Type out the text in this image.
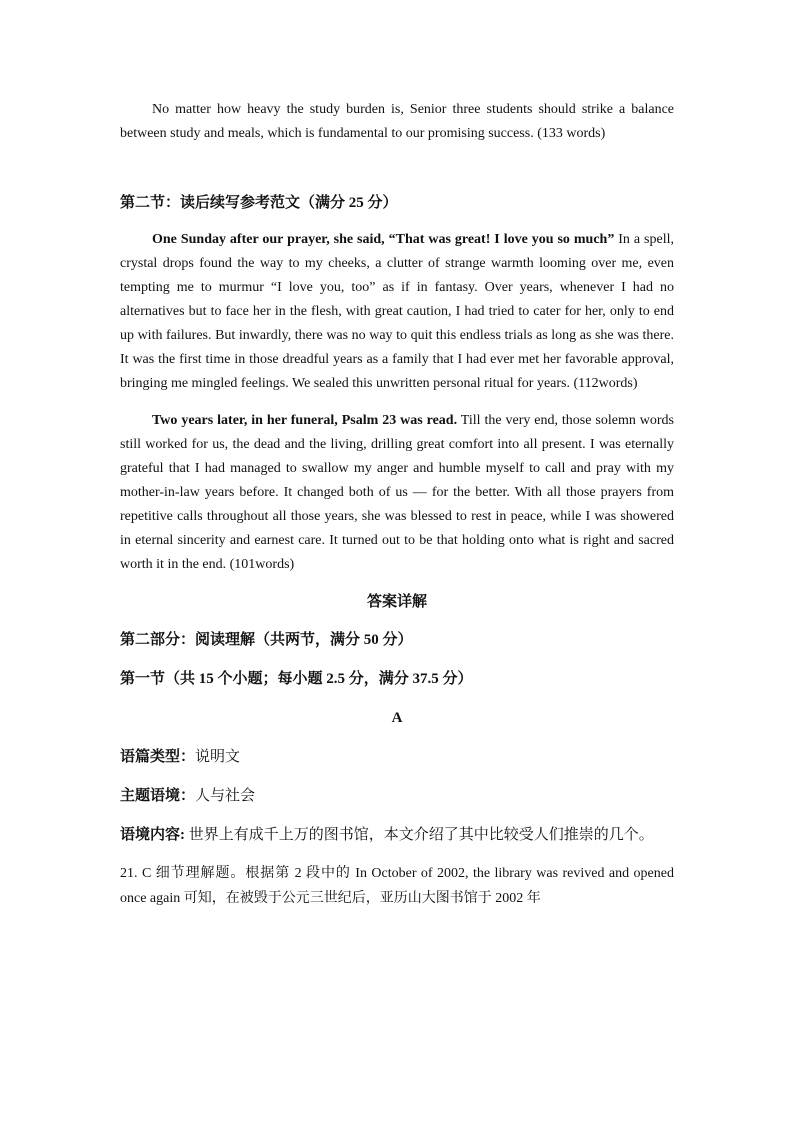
No matter how heavy the study burden is, Senior three students should strike a balance between study and meals, which is fundamental to our promising success. (133 words)

第二节：读后续写参考范文（满分 25 分）

One Sunday after our prayer, she said, “That was great! I love you so much” In a spell, crystal drops found the way to my cheeks, a clutter of strange warmth looming over me, even tempting me to murmur “I love you, too” as if in fantasy. Over years, whenever I had no alternatives but to face her in the flesh, with great caution, I had tried to cater for her, only to end up with failures. But inwardly, there was no way to quit this endless trials as long as she was there. It was the first time in those dreadful years as a family that I had ever met her favorable approval, bringing me mingled feelings. We sealed this unwritten personal ritual for years. (112words)

Two years later, in her funeral, Psalm 23 was read. Till the very end, those solemn words still worked for us, the dead and the living, drilling great comfort into all present. I was eternally grateful that I had managed to swallow my anger and humble myself to call and pray with my mother-in-law years before. It changed both of us — for the better. With all those prayers from repetitive calls throughout all those years, she was blessed to rest in peace, while I was showered in eternal sincerity and earnest care. It turned out to be that holding onto what is right and sacred worth it in the end. (101words)

答案详解

第二部分：阅读理解（共两节，满分 50 分）

第一节（共 15 个小题；每小题 2.5 分，满分 37.5 分）

A

语篇类型：说明文

主题语境：人与社会

语境内容: 世界上有成千上万的图书馆，本文介绍了其中比较受人们推崇的几个。

21. C 细节理解题。根据第 2 段中的 In October of 2002, the library was revived and opened once again 可知，在被毁于公元三世纪后，亚历山大图书馆于 2002 年
